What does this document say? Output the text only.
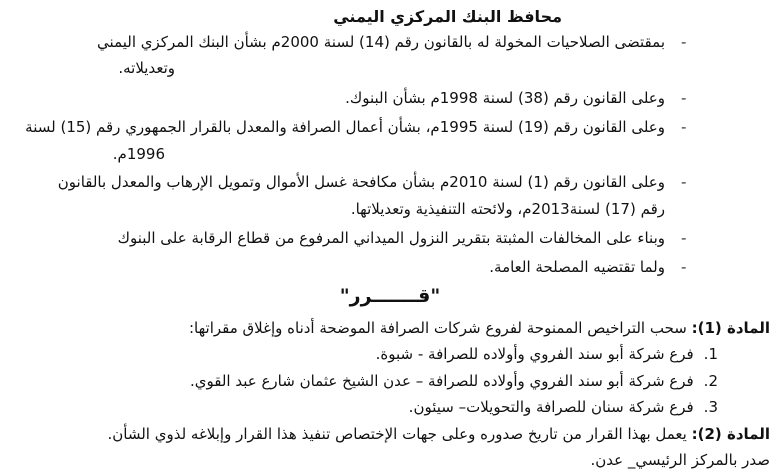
محافظ البنك المركزي اليمني
-
بمقتضى الصلاحيات المخولة له بالقانون رقم (14) لسنة 2000م بشأن البنك المركزي اليمني
وتعديلاته.
-
وعلى القانون رقم (38) لسنة 1998م بشأن البنوك.
-
وعلى القانون رقم (19) لسنة 1995م، بشأن أعمال الصرافة والمعدل بالقرار الجمهوري رقم (15) لسنة
1996م.
-
وعلى القانون رقم (1) لسنة 2010م بشأن مكافحة غسل الأموال وتمويل الإرهاب والمعدل بالقانون
رقم (17) لسنة2013م، ولائحته التنفيذية وتعديلاتها.
-
وبناء على المخالفات المثبتة بتقرير النزول الميداني المرفوع من قطاع الرقابة على البنوك
-
ولما تقتضيه المصلحة العامة.
"قـــــــرر"
المادة (1): سحب التراخيص الممنوحة لفروع شركات الصرافة الموضحة أدناه وإغلاق مقراتها:
1.فرع شركة أبو سند الفروي وأولاده للصرافة - شبوة.
2.فرع شركة أبو سند الفروي وأولاده للصرافة – عدن الشيخ عثمان شارع عبد القوي.
3.فرع شركة سنان للصرافة والتحويلات– سيئون.
المادة (2): يعمل بهذا القرار من تاريخ صدوره وعلى جهات الإختصاص تنفيذ هذا القرار وإبلاغه لذوي الشأن.
صدر بالمركز الرئيسي_ عدن.
